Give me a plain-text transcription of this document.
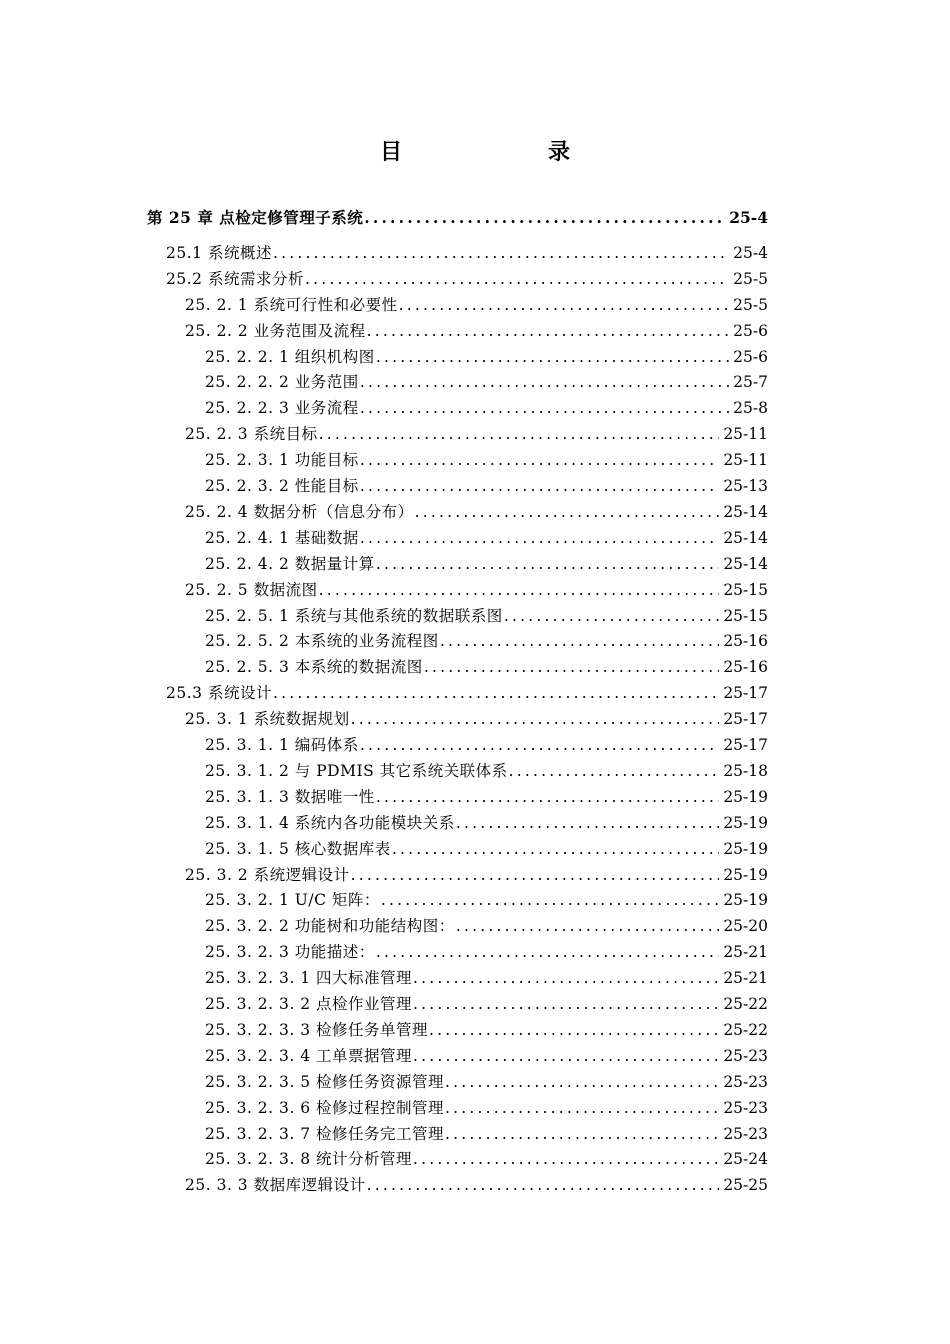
目　录
第 25 章 点检定修管理子系统 .....	25-4
25.1 系统概述 .....	25-4
25.2 系统需求分析 .....	25-5
25. 2. 1 系统可行性和必要性 .....	25-5
25. 2. 2 业务范围及流程 .....	25-6
25. 2. 2. 1 组织机构图 .....	25-6
25. 2. 2. 2 业务范围 .....	25-7
25. 2. 2. 3 业务流程 .....	25-8
25. 2. 3 系统目标 .....	25-11
25. 2. 3. 1 功能目标 .....	25-11
25. 2. 3. 2 性能目标 .....	25-13
25. 2. 4 数据分析（信息分布） .....	25-14
25. 2. 4. 1 基础数据 .....	25-14
25. 2. 4. 2 数据量计算 .....	25-14
25. 2. 5 数据流图 .....	25-15
25. 2. 5. 1 系统与其他系统的数据联系图 .....	25-15
25. 2. 5. 2 本系统的业务流程图 .....	25-16
25. 2. 5. 3 本系统的数据流图 .....	25-16
25.3 系统设计 .....	25-17
25. 3. 1 系统数据规划 .....	25-17
25. 3. 1. 1 编码体系 .....	25-17
25. 3. 1. 2 与 PDMIS 其它系统关联体系 .....	25-18
25. 3. 1. 3 数据唯一性 .....	25-19
25. 3. 1. 4 系统内各功能模块关系 .....	25-19
25. 3. 1. 5 核心数据库表 .....	25-19
25. 3. 2 系统逻辑设计 .....	25-19
25. 3. 2. 1 U/C 矩阵： .....	25-19
25. 3. 2. 2 功能树和功能结构图： .....	25-20
25. 3. 2. 3 功能描述： .....	25-21
25. 3. 2. 3. 1 四大标准管理 .....	25-21
25. 3. 2. 3. 2 点检作业管理 .....	25-22
25. 3. 2. 3. 3 检修任务单管理 .....	25-22
25. 3. 2. 3. 4 工单票据管理 .....	25-23
25. 3. 2. 3. 5 检修任务资源管理 .....	25-23
25. 3. 2. 3. 6 检修过程控制管理 .....	25-23
25. 3. 2. 3. 7 检修任务完工管理 .....	25-23
25. 3. 2. 3. 8 统计分析管理 .....	25-24
25. 3. 3 数据库逻辑设计 .....	25-25
